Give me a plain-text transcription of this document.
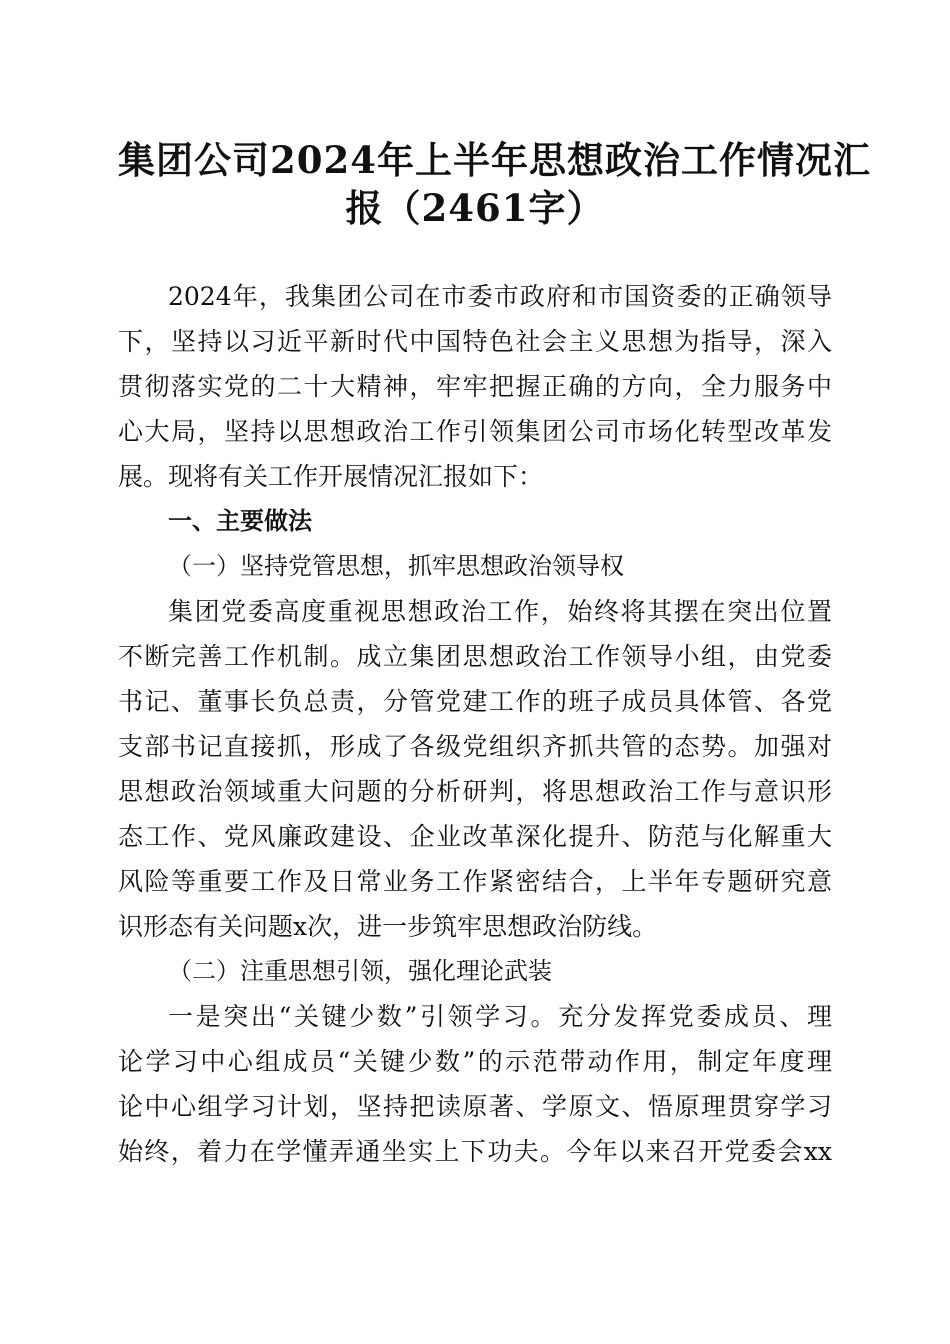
集团公司2024年上半年思想政治工作情况汇
报（2461字）
2024年，我集团公司在市委市政府和市国资委的正确领导
下，坚持以习近平新时代中国特色社会主义思想为指导，深入
贯彻落实党的二十大精神，牢牢把握正确的方向，全力服务中
心大局，坚持以思想政治工作引领集团公司市场化转型改革发
展。现将有关工作开展情况汇报如下：
一、主要做法
（一）坚持党管思想，抓牢思想政治领导权
集团党委高度重视思想政治工作，始终将其摆在突出位置
不断完善工作机制。成立集团思想政治工作领导小组，由党委
书记、董事长负总责，分管党建工作的班子成员具体管、各党
支部书记直接抓，形成了各级党组织齐抓共管的态势。加强对
思想政治领域重大问题的分析研判，将思想政治工作与意识形
态工作、党风廉政建设、企业改革深化提升、防范与化解重大
风险等重要工作及日常业务工作紧密结合，上半年专题研究意
识形态有关问题x次，进一步筑牢思想政治防线。
（二）注重思想引领，强化理论武装
一是突出“关键少数”引领学习。充分发挥党委成员、理
论学习中心组成员“关键少数”的示范带动作用，制定年度理
论中心组学习计划，坚持把读原著、学原文、悟原理贯穿学习
始终，着力在学懂弄通坐实上下功夫。今年以来召开党委会xx
